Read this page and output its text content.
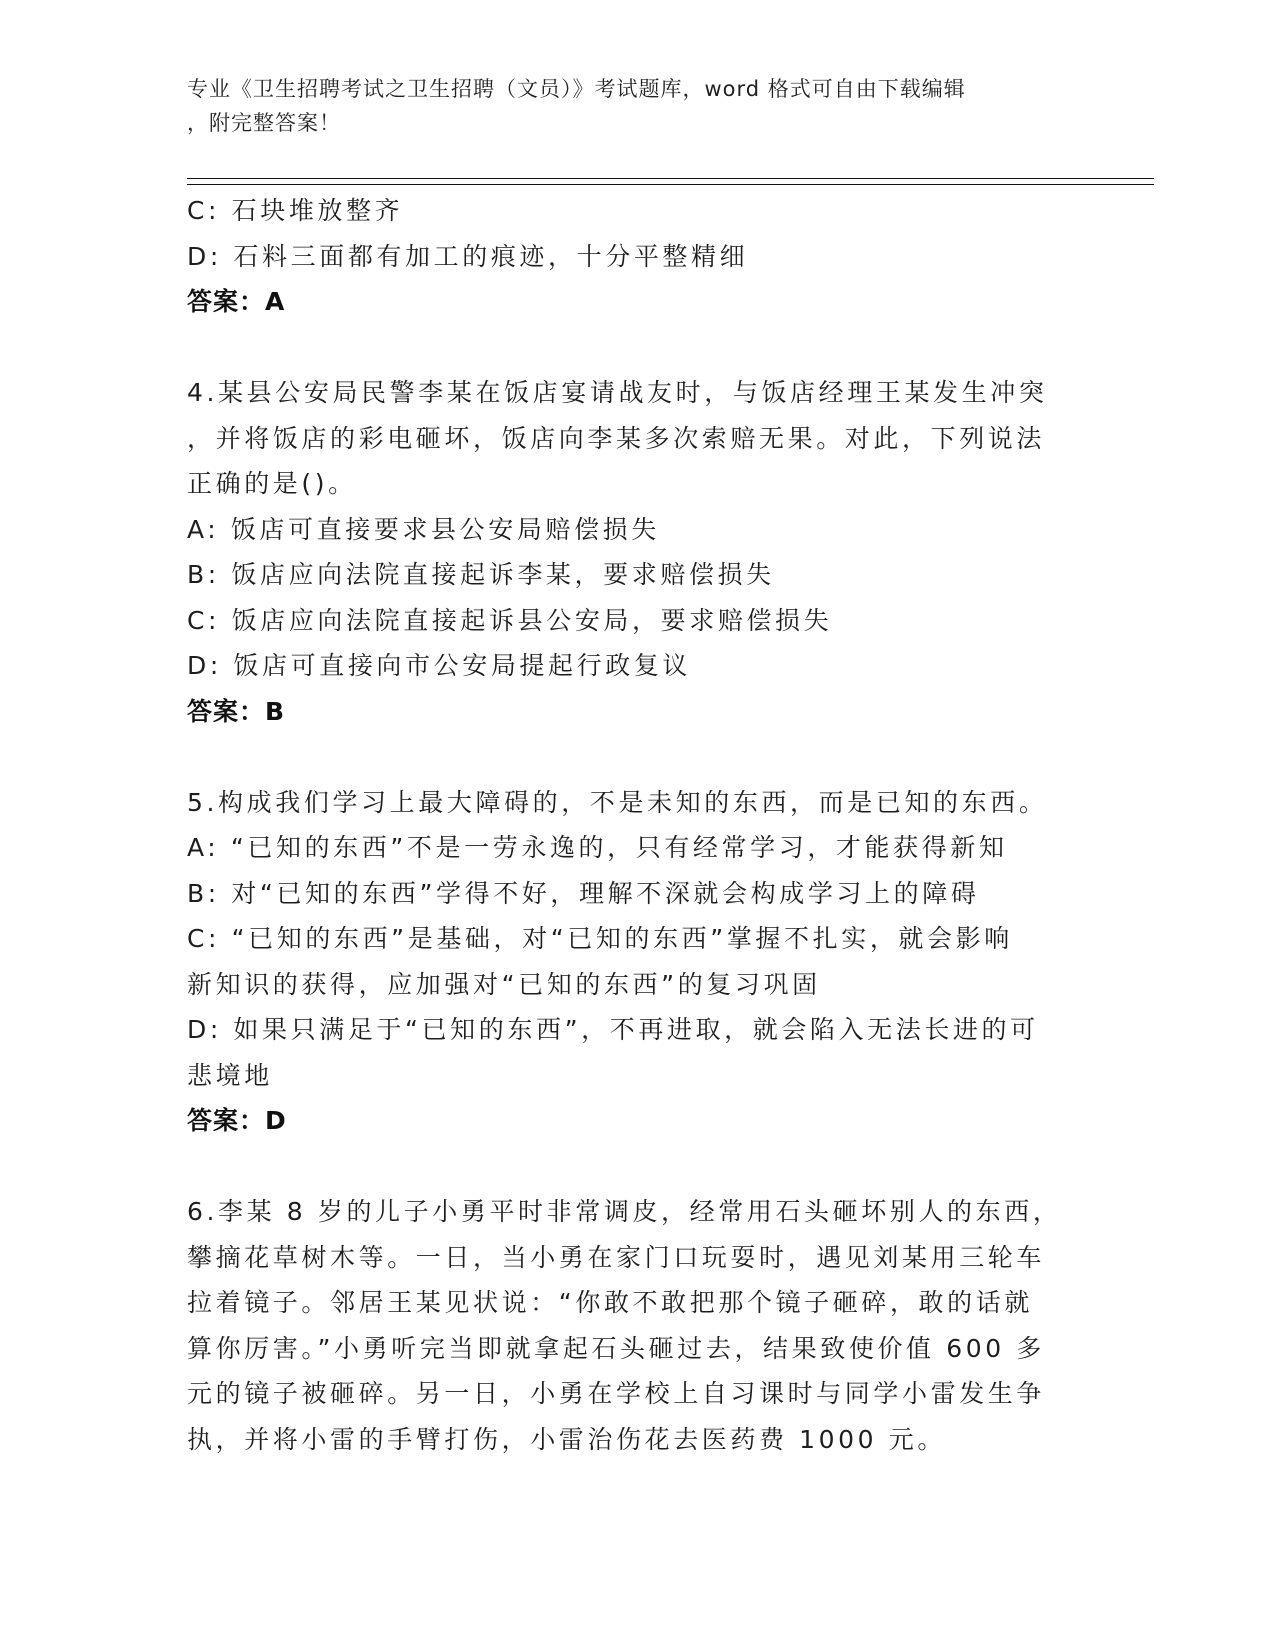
专业《卫生招聘考试之卫生招聘（文员）》考试题库，word 格式可自由下载编辑
，附完整答案！
C: 石块堆放整齐
D: 石料三面都有加工的痕迹，十分平整精细
答案：A
4.某县公安局民警李某在饭店宴请战友时，与饭店经理王某发生冲突
，并将饭店的彩电砸坏，饭店向李某多次索赔无果。对此，下列说法
正确的是()。
A: 饭店可直接要求县公安局赔偿损失
B: 饭店应向法院直接起诉李某，要求赔偿损失
C: 饭店应向法院直接起诉县公安局，要求赔偿损失
D: 饭店可直接向市公安局提起行政复议
答案：B
5.构成我们学习上最大障碍的，不是未知的东西，而是已知的东西。
A: “已知的东西”不是一劳永逸的，只有经常学习，才能获得新知
B: 对“已知的东西”学得不好，理解不深就会构成学习上的障碍
C: “已知的东西”是基础，对“已知的东西”掌握不扎实，就会影响
新知识的获得，应加强对“已知的东西”的复习巩固
D: 如果只满足于“已知的东西”，不再进取，就会陷入无法长进的可
悲境地
答案：D
6.李某 8 岁的儿子小勇平时非常调皮，经常用石头砸坏别人的东西，
攀摘花草树木等。一日，当小勇在家门口玩耍时，遇见刘某用三轮车
拉着镜子。邻居王某见状说：“你敢不敢把那个镜子砸碎，敢的话就
算你厉害。”小勇听完当即就拿起石头砸过去，结果致使价值 600 多
元的镜子被砸碎。另一日，小勇在学校上自习课时与同学小雷发生争
执，并将小雷的手臂打伤，小雷治伤花去医药费 1000 元。
